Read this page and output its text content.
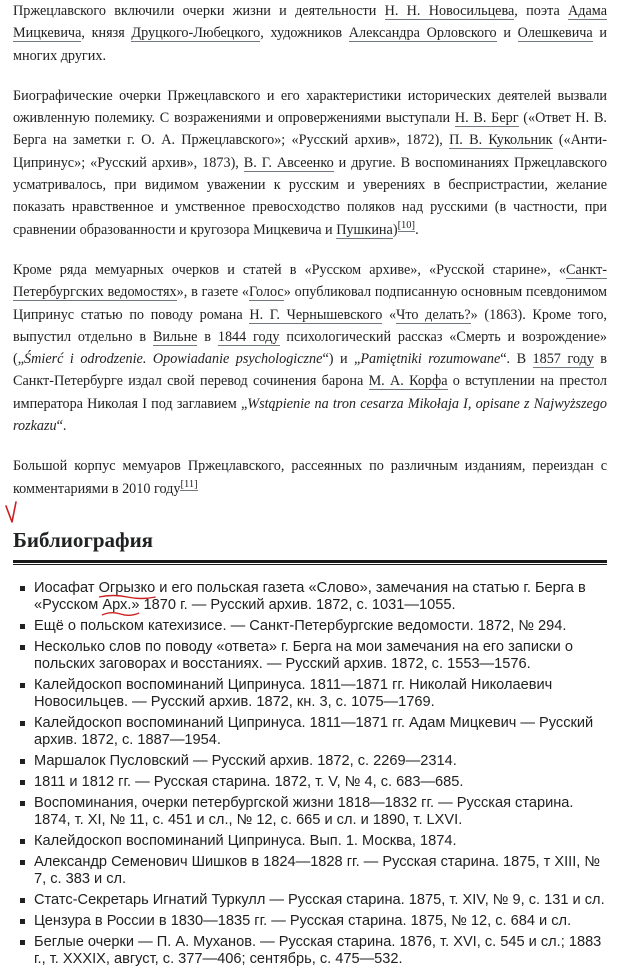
Пржецлавского включили очерки жизни и деятельности Н. Н. Новосильцева, поэта Адама Мицкевича, князя Друцкого-Любецкого, художников Александра Орловского и Олешкевича и многих других.

Биографические очерки Пржецлавского и его характеристики исторических деятелей вызвали оживленную полемику. С возражениями и опровержениями выступали Н. В. Берг («Ответ Н. В. Берга на заметки г. О. А. Пржецлавского»; «Русский архив», 1872), П. В. Кукольник («Анти-Ципринус»; «Русский архив», 1873), В. Г. Авсеенко и другие. В воспоминаниях Пржецлавского усматривалось, при видимом уважении к русским и уверениях в беспристрастии, желание показать нравственное и умственное превосходство поляков над русскими (в частности, при сравнении образованности и кругозора Мицкевича и Пушкина)[10].

Кроме ряда мемуарных очерков и статей в «Русском архиве», «Русской старине», «Санкт-Петербургских ведомостях», в газете «Голос» опубликовал подписанную основным псевдонимом Ципринус статью по поводу романа Н. Г. Чернышевского «Что делать?» (1863). Кроме того, выпустил отдельно в Вильне в 1844 году психологический рассказ «Смерть и возрождение» („Śmierć i odrodzenie. Opowiadanie psychologiczne“) и „Pamiętniki rozumowane“. В 1857 году в Санкт-Петербурге издал свой перевод сочинения барона М. А. Корфа о вступлении на престол императора Николая I под заглавием „Wstąpienie na tron cesarza Mikołaja I, opisane z Najwyższego rozkazu“.

Большой корпус мемуаров Пржецлавского, рассеянных по различным изданиям, переиздан с комментариями в 2010 году[11]

Библиография
Иосафат Огрызко
и его польская газета «Слово», замечания на статью г. Берга в «Русском Арх.»
1870 г. — Русский архив. 1872, с. 1031—1055.
Ещё о польском катехизисе. — Санкт-Петербургские ведомости. 1872, № 294.
Несколько слов по поводу «ответа» г. Берга на мои замечания на его записки о польских заговорах и восстаниях. — Русский архив. 1872, с. 1553—1576.
Калейдоскоп воспоминаний Ципринуса. 1811—1871 гг. Николай Николаевич Новосильцев. — Русский архив. 1872, кн. 3, с. 1075—1769.
Калейдоскоп воспоминаний Ципринуса. 1811—1871 гг. Адам Мицкевич — Русский архив. 1872, с. 1887—1954.
Маршалок Пусловский — Русский архив. 1872, с. 2269—2314.
1811 и 1812 гг. — Русская старина. 1872, т. V, № 4, с. 683—685.
Воспоминания, очерки петербургской жизни 1818—1832 гг. — Русская старина. 1874, т. XI, № 11, с. 451 и сл., № 12, с. 665 и сл. и 1890, т. LXVI.
Калейдоскоп воспоминаний Ципринуса. Вып. 1. Москва, 1874.
Александр Семенович Шишков в 1824—1828 гг. — Русская старина. 1875, т XIII, № 7, с. 383 и сл.
Статс-Секретарь Игнатий Туркулл — Русская старина. 1875, т. XIV, № 9, с. 131 и сл.
Цензура в России в 1830—1835 гг. — Русская старина. 1875, № 12, с. 684 и сл.
Беглые очерки — П. А. Муханов. — Русская старина. 1876, т. XVI, с. 545 и сл.; 1883 г., т. XXXIX, август, с. 377—406; сентябрь, с. 475—532.
